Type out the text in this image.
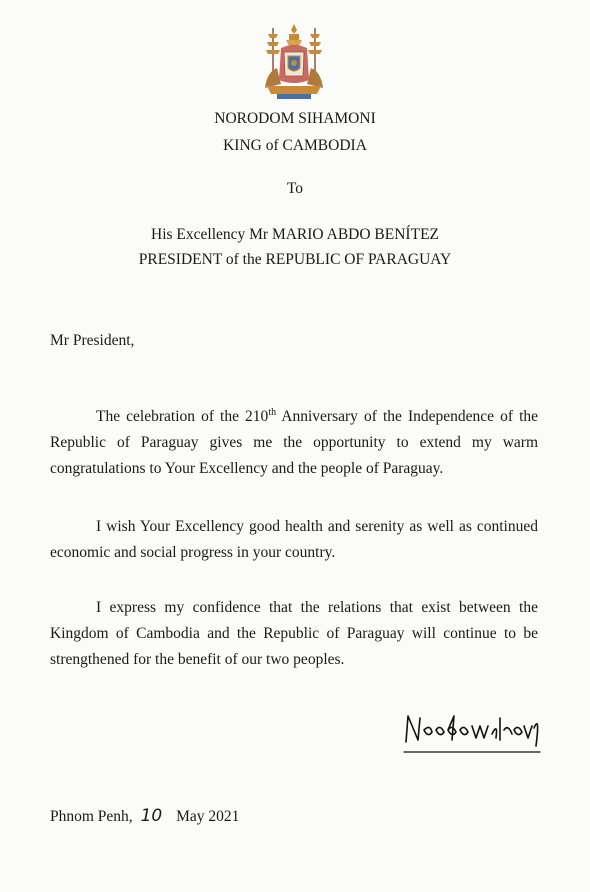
NORODOM SIHAMONI
KING of CAMBODIA
To
His Excellency Mr MARIO ABDO BENÍTEZ
PRESIDENT of the REPUBLIC OF PARAGUAY
Mr President,

The celebration of the 210th Anniversary of the Independence of the Republic of Paraguay gives me the opportunity to extend my warm congratulations to Your Excellency and the people of Paraguay.

I wish Your Excellency good health and serenity as well as continued economic and social progress in your country.

I express my confidence that the relations that exist between the Kingdom of Cambodia and the Republic of Paraguay will continue to be strengthened for the benefit of our two peoples.

Phnom Penh, 10 May 2021
